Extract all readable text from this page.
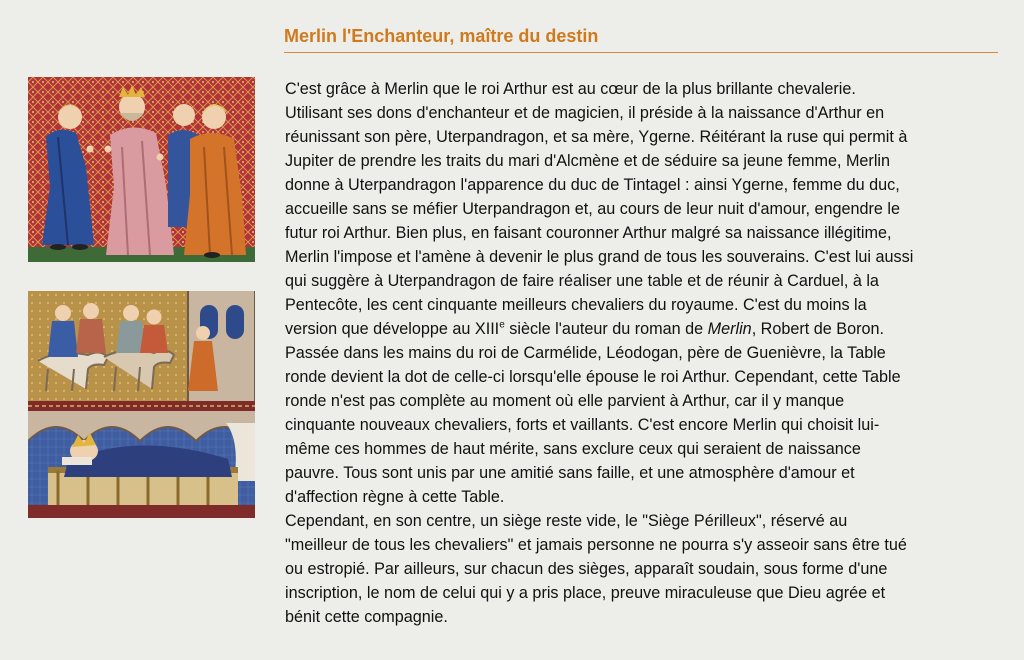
Merlin l'Enchanteur, maître du destin
C'est grâce à Merlin que le roi Arthur est au cœur de la plus brillante chevalerie.
Utilisant ses dons d'enchanteur et de magicien, il préside à la naissance d'Arthur en
réunissant son père, Uterpandragon, et sa mère, Ygerne. Réitérant la ruse qui permit à
Jupiter de prendre les traits du mari d'Alcmène et de séduire sa jeune femme, Merlin
donne à Uterpandragon l'apparence du duc de Tintagel : ainsi Ygerne, femme du duc,
accueille sans se méfier Uterpandragon et, au cours de leur nuit d'amour, engendre le
futur roi Arthur. Bien plus, en faisant couronner Arthur malgré sa naissance illégitime,
Merlin l'impose et l'amène à devenir le plus grand de tous les souverains. C'est lui aussi
qui suggère à Uterpandragon de faire réaliser une table et de réunir à Carduel, à la
Pentecôte, les cent cinquante meilleurs chevaliers du royaume. C'est du moins la
version que développe au XIIIe siècle l'auteur du roman de Merlin, Robert de Boron.
Passée dans les mains du roi de Carmélide, Léodogan, père de Guenièvre, la Table
ronde devient la dot de celle-ci lorsqu'elle épouse le roi Arthur. Cependant, cette Table
ronde n'est pas complète au moment où elle parvient à Arthur, car il y manque
cinquante nouveaux chevaliers, forts et vaillants. C'est encore Merlin qui choisit lui-
même ces hommes de haut mérite, sans exclure ceux qui seraient de naissance
pauvre. Tous sont unis par une amitié sans faille, et une atmosphère d'amour et
d'affection règne à cette Table.
Cependant, en son centre, un siège reste vide, le "Siège Périlleux", réservé au
"meilleur de tous les chevaliers" et jamais personne ne pourra s'y asseoir sans être tué
ou estropié. Par ailleurs, sur chacun des sièges, apparaît soudain, sous forme d'une
inscription, le nom de celui qui y a pris place, preuve miraculeuse que Dieu agrée et
bénit cette compagnie.
